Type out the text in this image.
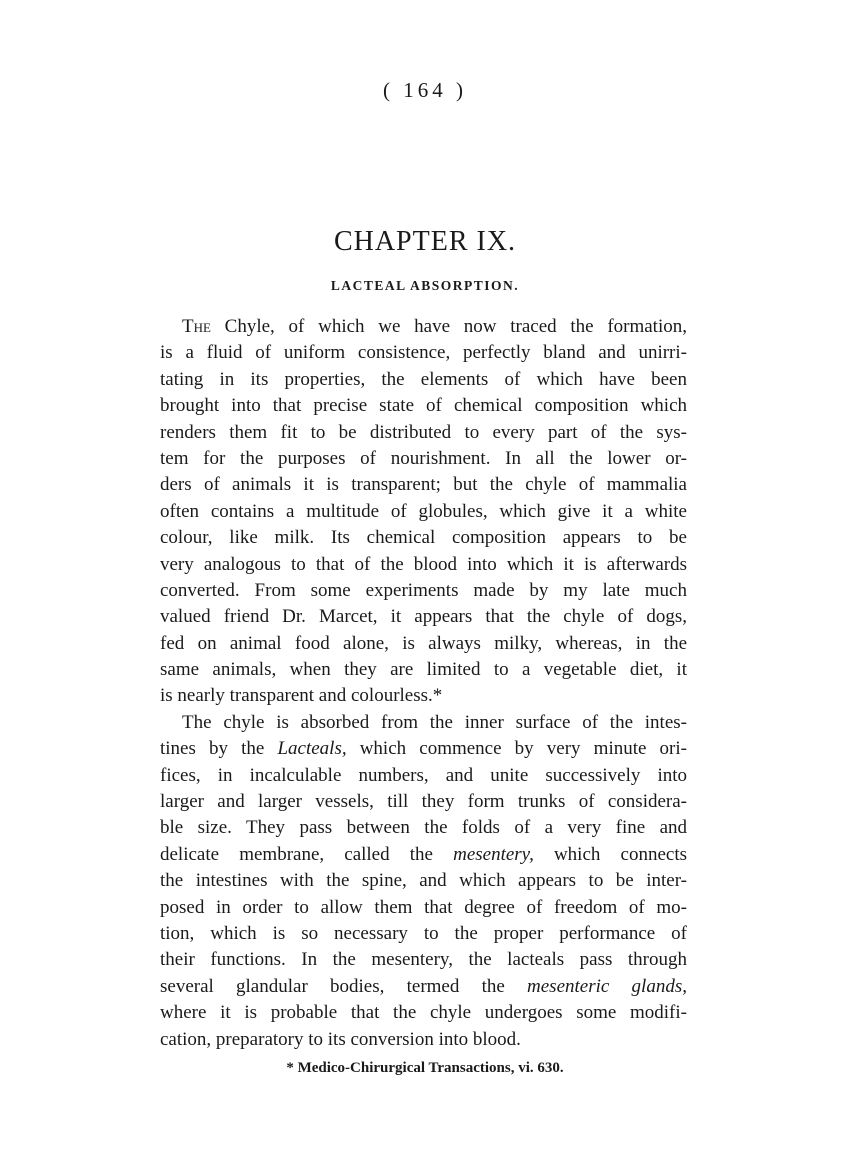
( 164 )
CHAPTER IX.
LACTEAL ABSORPTION.
The Chyle, of which we have now traced the formation,
is a fluid of uniform consistence, perfectly bland and unirri-
tating in its properties, the elements of which have been
brought into that precise state of chemical composition which
renders them fit to be distributed to every part of the sys-
tem for the purposes of nourishment. In all the lower or-
ders of animals it is transparent; but the chyle of mammalia
often contains a multitude of globules, which give it a white
colour, like milk. Its chemical composition appears to be
very analogous to that of the blood into which it is afterwards
converted. From some experiments made by my late much
valued friend Dr. Marcet, it appears that the chyle of dogs,
fed on animal food alone, is always milky, whereas, in the
same animals, when they are limited to a vegetable diet, it
is nearly transparent and colourless.*
The chyle is absorbed from the inner surface of the intes-
tines by the Lacteals, which commence by very minute ori-
fices, in incalculable numbers, and unite successively into
larger and larger vessels, till they form trunks of considera-
ble size. They pass between the folds of a very fine and
delicate membrane, called the mesentery, which connects
the intestines with the spine, and which appears to be inter-
posed in order to allow them that degree of freedom of mo-
tion, which is so necessary to the proper performance of
their functions. In the mesentery, the lacteals pass through
several glandular bodies, termed the mesenteric glands,
where it is probable that the chyle undergoes some modifi-
cation, preparatory to its conversion into blood.
* Medico-Chirurgical Transactions, vi. 630.
